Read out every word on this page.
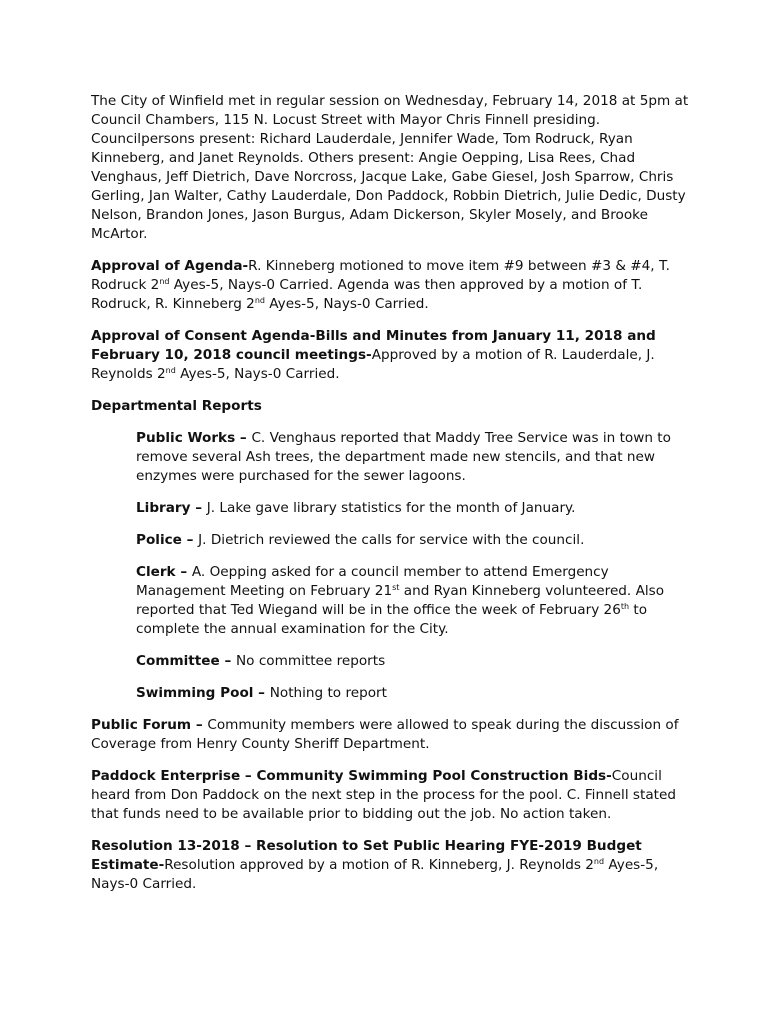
The City of Winfield met in regular session on Wednesday, February 14, 2018 at 5pm at Council Chambers, 115 N. Locust Street with Mayor Chris Finnell presiding. Councilpersons present: Richard Lauderdale, Jennifer Wade, Tom Rodruck, Ryan Kinneberg, and Janet Reynolds. Others present: Angie Oepping, Lisa Rees, Chad Venghaus, Jeff Dietrich, Dave Norcross, Jacque Lake, Gabe Giesel, Josh Sparrow, Chris Gerling, Jan Walter, Cathy Lauderdale, Don Paddock, Robbin Dietrich, Julie Dedic, Dusty Nelson, Brandon Jones, Jason Burgus, Adam Dickerson, Skyler Mosely, and Brooke McArtor.

Approval of Agenda-R. Kinneberg motioned to move item #9 between #3 & #4, T. Rodruck 2nd Ayes-5, Nays-0 Carried. Agenda was then approved by a motion of T. Rodruck, R. Kinneberg 2nd Ayes-5, Nays-0 Carried.

Approval of Consent Agenda-Bills and Minutes from January 11, 2018 and February 10, 2018 council meetings-Approved by a motion of R. Lauderdale, J. Reynolds 2nd Ayes-5, Nays-0 Carried.

Departmental Reports

Public Works – C. Venghaus reported that Maddy Tree Service was in town to remove several Ash trees, the department made new stencils, and that new enzymes were purchased for the sewer lagoons.

Library – J. Lake gave library statistics for the month of January.

Police – J. Dietrich reviewed the calls for service with the council.

Clerk – A. Oepping asked for a council member to attend Emergency Management Meeting on February 21st and Ryan Kinneberg volunteered. Also reported that Ted Wiegand will be in the office the week of February 26th to complete the annual examination for the City.

Committee – No committee reports

Swimming Pool – Nothing to report

Public Forum – Community members were allowed to speak during the discussion of Coverage from Henry County Sheriff Department.

Paddock Enterprise – Community Swimming Pool Construction Bids-Council heard from Don Paddock on the next step in the process for the pool. C. Finnell stated that funds need to be available prior to bidding out the job. No action taken.

Resolution 13-2018 – Resolution to Set Public Hearing FYE-2019 Budget Estimate-Resolution approved by a motion of R. Kinneberg, J. Reynolds 2nd Ayes-5, Nays-0 Carried.
